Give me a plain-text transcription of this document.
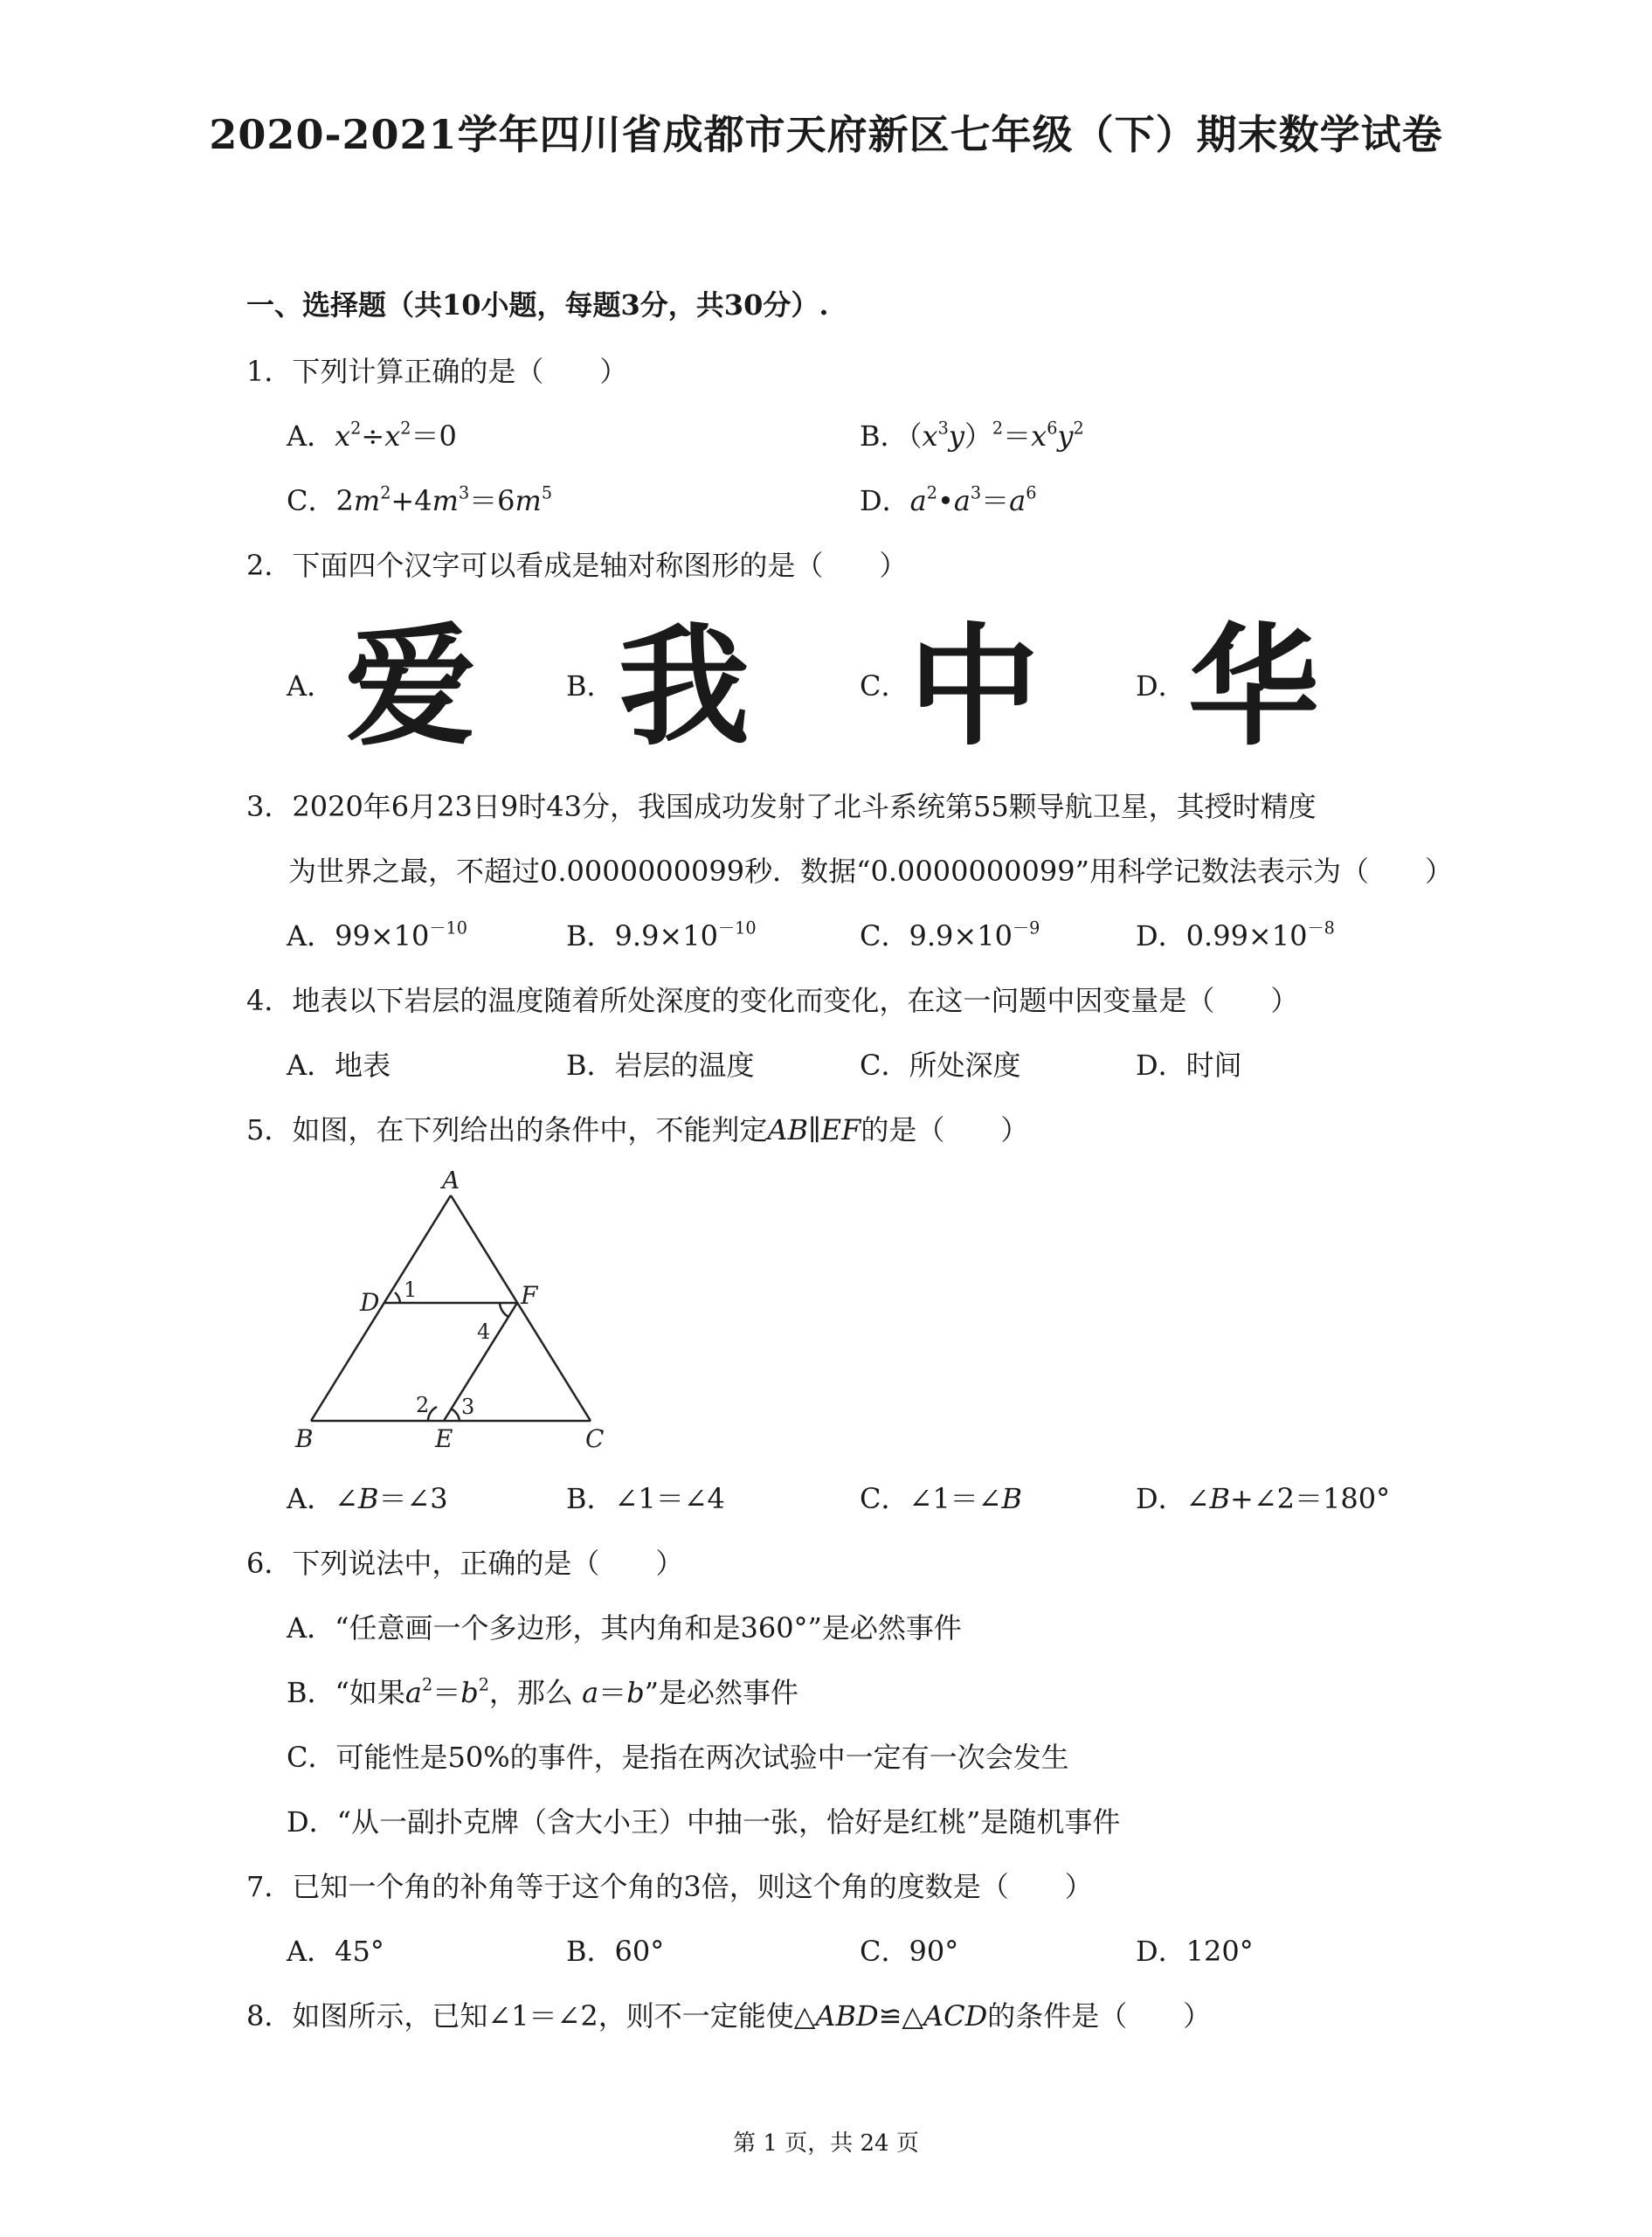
2020-2021学年四川省成都市天府新区七年级（下）期末数学试卷
一、选择题（共10小题，每题3分，共30分）.
1．下列计算正确的是（　　）
A．$x^2\div x^2=0$	B．$(x^3y)^2=x^6y^2$
C．$2m^2+4m^3=6m^5$	D．$a^2•a^3=a^6$
2．下面四个汉字可以看成是轴对称图形的是（　　）
A． 爱	B． 我	C． 中	D． 华
3．2020年6月23日9时43分，我国成功发射了北斗系统第55颗导航卫星，其授时精度
为世界之最，不超过0.0000000099秒．数据“0.0000000099”用科学记数法表示为（　　）
A．$99\times 10^{-10}$	B．$9.9\times 10^{-10}$	C．$9.9\times 10^{-9}$	D．$0.99\times 10^{-8}$
4．地表以下岩层的温度随着所处深度的变化而变化，在这一问题中因变量是（　　）
A．地表	B．岩层的温度	C．所处深度	D．时间
5．如图，在下列给出的条件中，不能判定AB∥EF的是（　　）
A
B	C
D
E
F
1
2 3
4
A．∠B＝∠3	B．∠1＝∠4	C．∠1＝∠B	D．∠B+∠2＝180°
6．下列说法中，正确的是（　　）
A．“任意画一个多边形，其内角和是360°”是必然事件
B．“如果$a^2=b^2$，那么 a＝b”是必然事件
C．可能性是50%的事件，是指在两次试验中一定有一次会发生
D．“从一副扑克牌（含大小王）中抽一张，恰好是红桃”是随机事件
7．已知一个角的补角等于这个角的3倍，则这个角的度数是（　　）
A．45°	B．60°	C．90°	D．120°
8．如图所示，已知∠1＝∠2，则不一定能使△ABD≌△ACD的条件是（　　）
第 1 页，共 24 页
